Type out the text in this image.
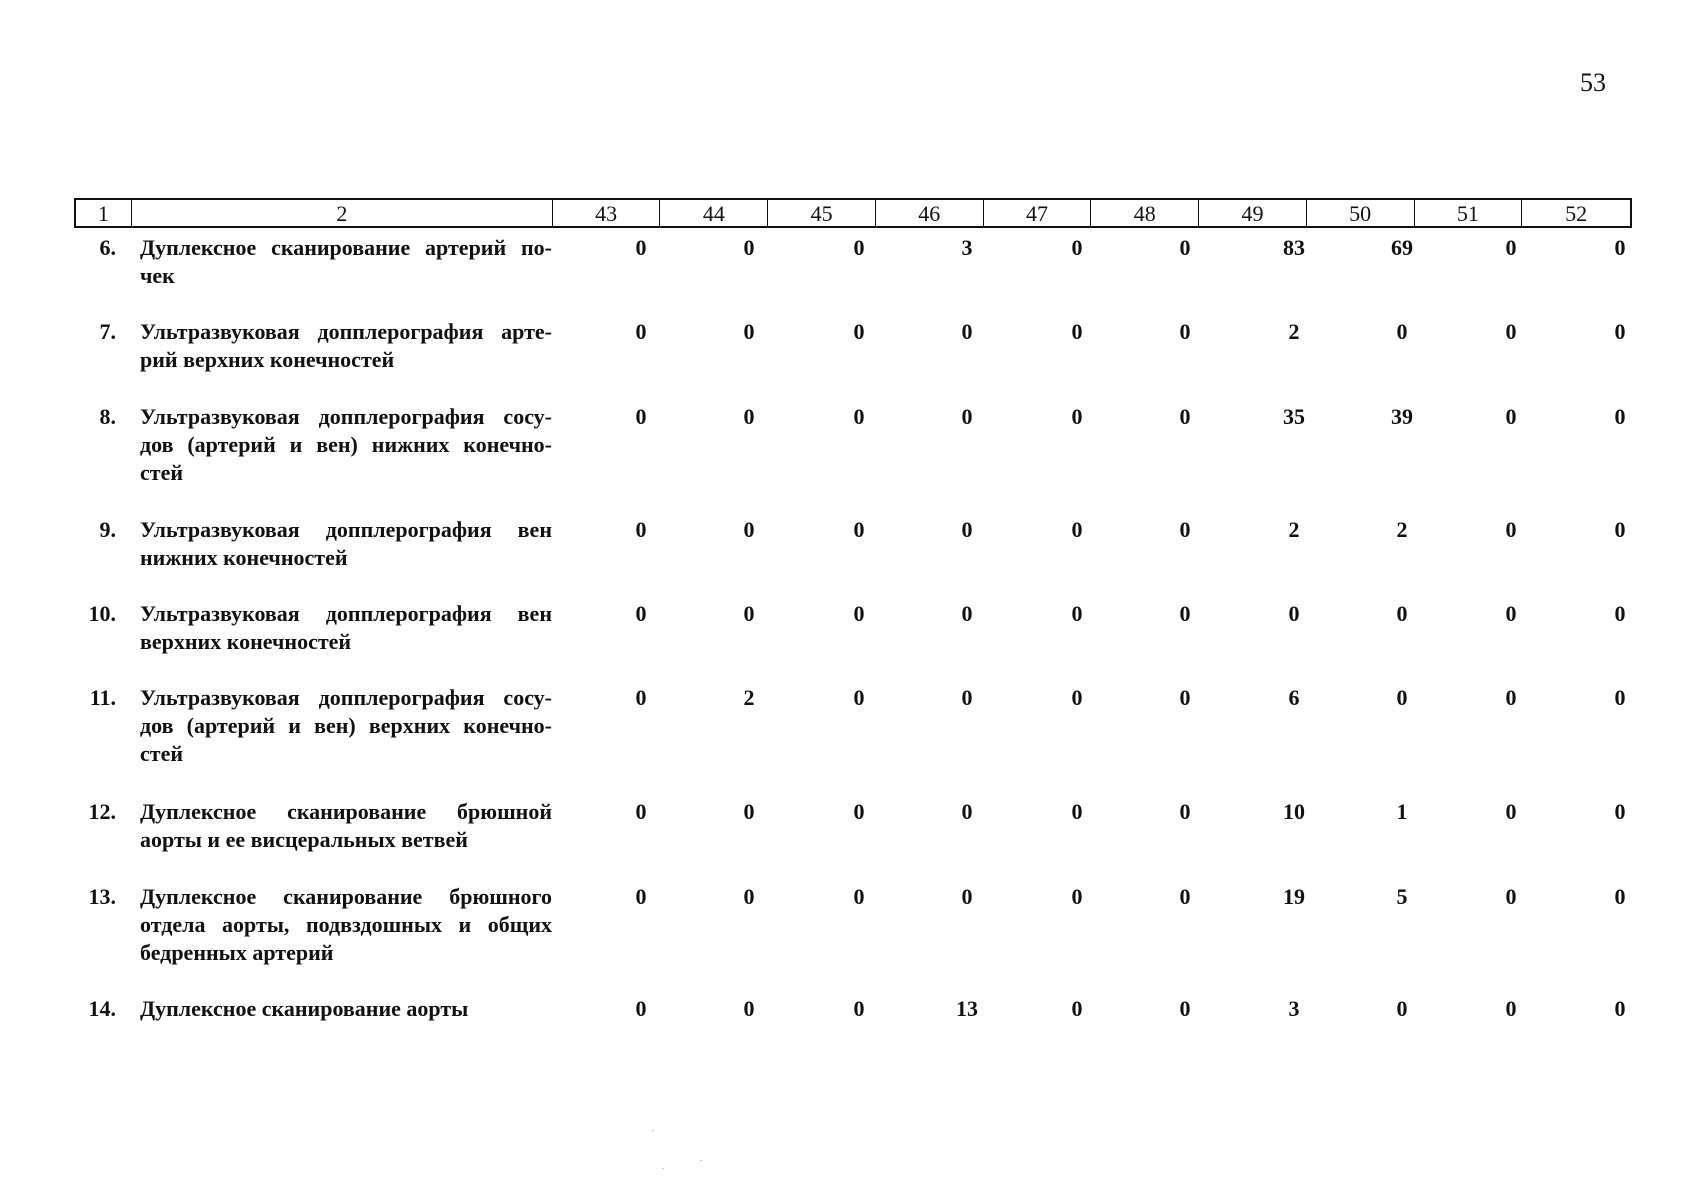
53
1	2	43	44	45	46	47	48	49	50	51	52
6. Дуплексное сканирование артерий по-
чек
0	0	0	3	0	0	83	69	0	0
7. Ультразвуковая допплерография арте-
рий верхних конечностей
0	0	0	0	0	0	2	0	0	0
8. Ультразвуковая допплерография сосу-
дов (артерий и вен) нижних конечно-
стей
0	0	0	0	0	0	35	39	0	0
9. Ультразвуковая допплерография вен
нижних конечностей
0	0	0	0	0	0	2	2	0	0
10. Ультразвуковая допплерография вен
верхних конечностей
0	0	0	0	0	0	0	0	0	0
11. Ультразвуковая допплерография сосу-
дов (артерий и вен) верхних конечно-
стей
0	2	0	0	0	0	6	0	0	0
12. Дуплексное сканирование брюшной
аорты и ее висцеральных ветвей
0	0	0	0	0	0	10	1	0	0
13. Дуплексное сканирование брюшного
отдела аорты, подвздошных и общих
бедренных артерий
0	0	0	0	0	0	19	5	0	0
14. Дуплексное сканирование аорты	0	0	0	13	0	0	3	0	0	0
